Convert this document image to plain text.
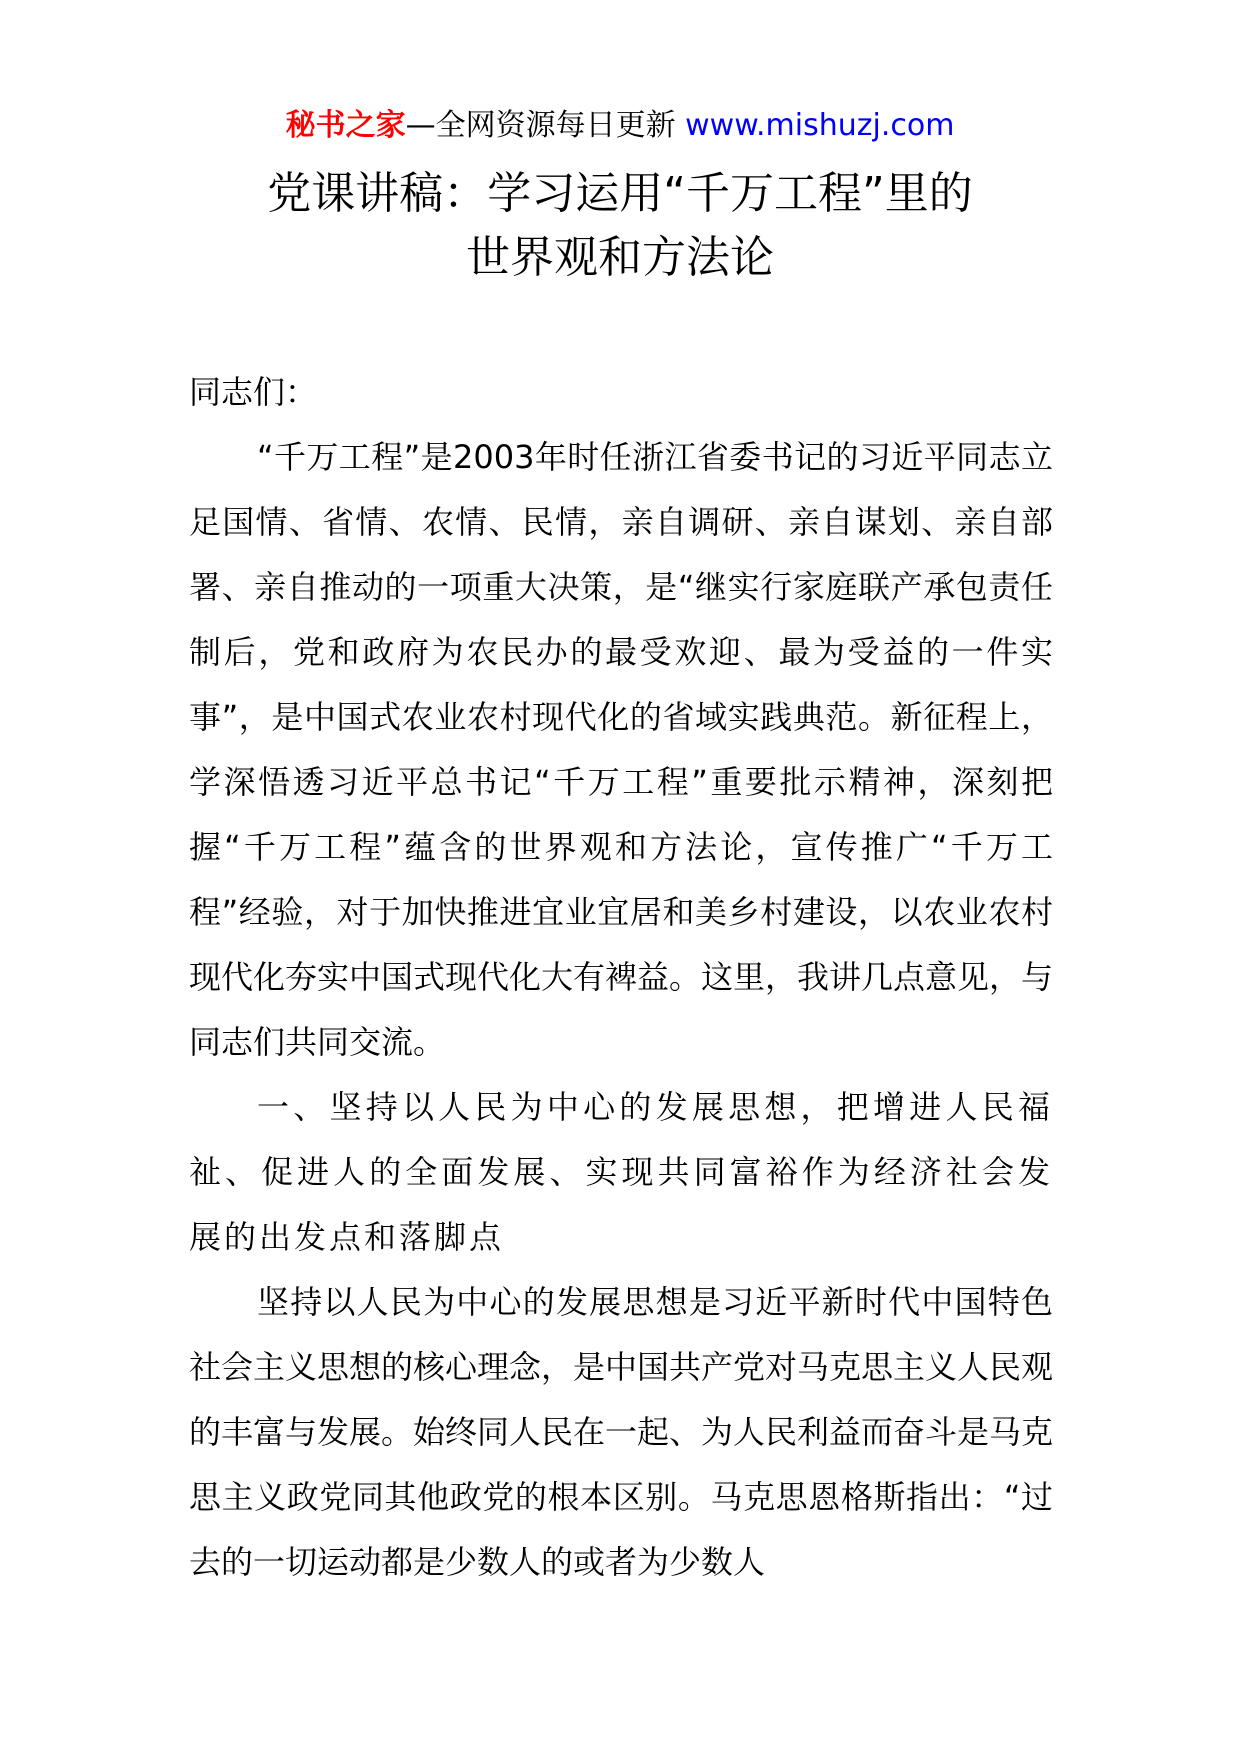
秘书之家—全网资源每日更新 www.mishuzj.com
党课讲稿：学习运用“千万工程”里的
世界观和方法论

同志们：

“千万工程”是2003年时任浙江省委书记的习近平同志立足国情、省情、农情、民情，亲自调研、亲自谋划、亲自部署、亲自推动的一项重大决策，是“继实行家庭联产承包责任制后，党和政府为农民办的最受欢迎、最为受益的一件实事”，是中国式农业农村现代化的省域实践典范。新征程上，学深悟透习近平总书记“千万工程”重要批示精神，深刻把握“千万工程”蕴含的世界观和方法论，宣传推广“千万工程”经验，对于加快推进宜业宜居和美乡村建设，以农业农村现代化夯实中国式现代化大有裨益。这里，我讲几点意见，与同志们共同交流。

一、坚持以人民为中心的发展思想，把增进人民福祉、促进人的全面发展、实现共同富裕作为经济社会发展的出发点和落脚点

坚持以人民为中心的发展思想是习近平新时代中国特色社会主义思想的核心理念，是中国共产党对马克思主义人民观的丰富与发展。始终同人民在一起、为人民利益而奋斗是马克思主义政党同其他政党的根本区别。马克思恩格斯指出：“过去的一切运动都是少数人的或者为少数人
